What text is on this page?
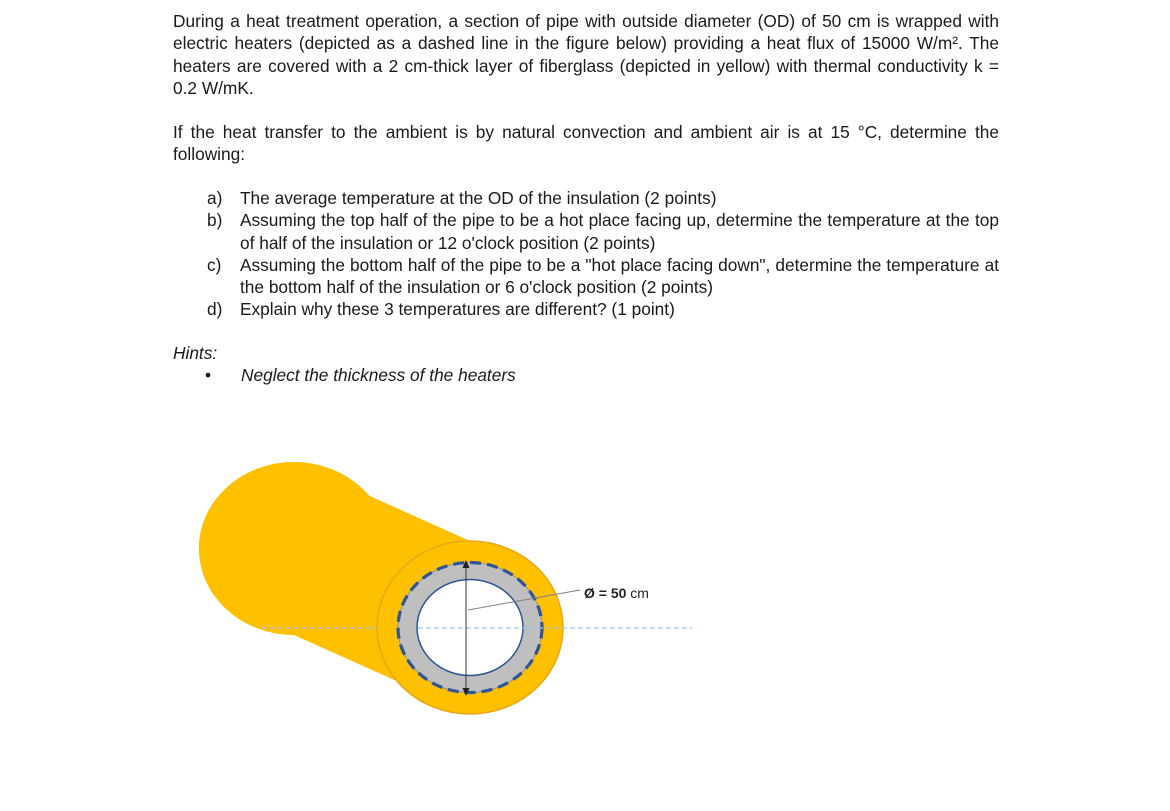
During a heat treatment operation, a section of pipe with outside diameter (OD) of 50 cm is wrapped with electric heaters (depicted as a dashed line in the figure below) providing a heat flux of 15000 W/m². The heaters are covered with a 2 cm-thick layer of fiberglass (depicted in yellow) with thermal conductivity k = 0.2 W/mK.

If the heat transfer to the ambient is by natural convection and ambient air is at 15 °C, determine the following:

a) The average temperature at the OD of the insulation (2 points)
b) Assuming the top half of the pipe to be a hot place facing up, determine the temperature at the top of half of the insulation or 12 o'clock position (2 points)
c) Assuming the bottom half of the pipe to be a "hot place facing down", determine the temperature at the bottom half of the insulation or 6 o'clock position (2 points)
d) Explain why these 3 temperatures are different? (1 point)
Hints:
• Neglect the thickness of the heaters
Ø = 50 cm
